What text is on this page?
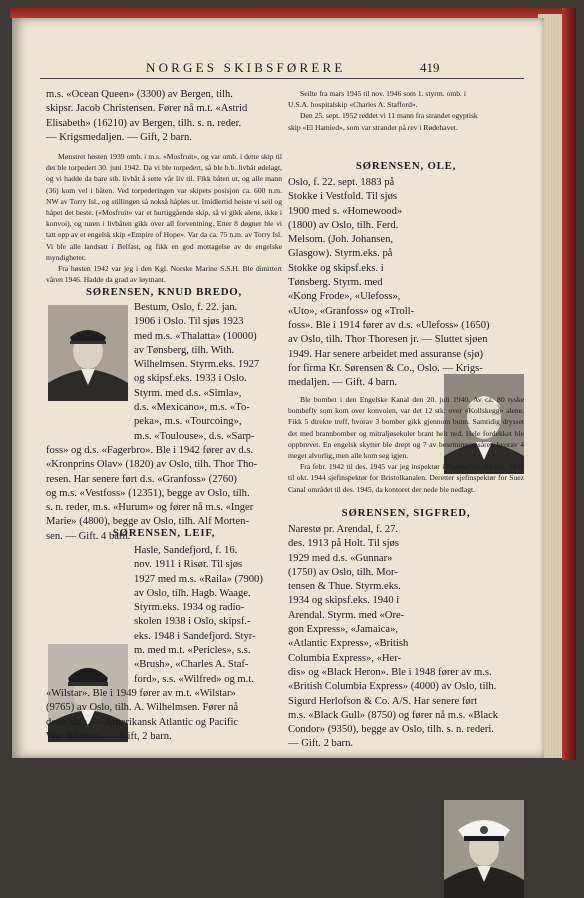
NORGES SKIBSFØRERE	419

m.s. «Ocean Queen» (3300) av Bergen, tilh.

skipsr. Jacob Christensen. Fører nå m.t. «Astrid

Elisabeth» (16210) av Bergen, tilh. s. n. reder.

— Krigsmedaljen. — Gift, 2 barn.

Mønstret høsten 1939 omb. i m.s. «Mosfruit», og var omb. i dette skip til det ble torpedert 30. juni 1942. Da vi ble torpedert, så ble b.b. livbåt ødelagt, og vi hadde da bare stb. livbåt å sette vår liv til. Fikk båten ut, og alle mann (36) kom vel i båten. Ved torpederingen var skipets posisjon ca. 600 n.m. NW av Torry Isl., og stillingen så nokså håpløs ut. Imidlertid heiste vi seil og håpet det beste. («Mosfruit» var et hurtiggående skip, så vi gikk alene, ikke i konvoi), og turen i livbåten gikk over all forventning. Etter 8 døgner ble vi tatt opp av et engelsk skip «Empire of Hope». Var da ca. 75 n.m. av Torry Isl. Vi ble alle landsatt i Belfast, og fikk en god mottagelse av de engelske myndigheter.

Fra høsten 1942 var jeg i den Kgl. Norske Marine S.S.H. Ble dimittert våren 1946. Hadde da grad av løytnant.

SØRENSEN, KNUD BREDO,

Bestum, Oslo, f. 22. jan.

1906 i Oslo. Til sjøs 1923

med m.s. «Thalatta» (10000)

av Tønsberg, tilh. With.

Wilhelmsen. Styrm.eks. 1927

og skipsf.eks. 1933 i Oslo.

Styrm. med d.s. «Simla»,

d.s. «Mexicano», m.s. «To-

peka», m.s. «Tourcoing»,

m.s. «Toulouse», d.s. «Sarp-

foss» og d.s. «Fagerbro». Ble i 1942 fører av d.s.

«Kronprins Olav» (1820) av Oslo, tilh. Thor Tho-

resen. Har senere ført d.s. «Granfoss» (2760)

og m.s. «Vestfoss» (12351), begge av Oslo, tilh.

s. n. reder, m.s. «Hurum» og fører nå m.s. «Inger

Marie» (4800), begge av Oslo, tilh. Alf Morten-

sen. — Gift. 4 barn.

SØRENSEN, LEIF,

Hasle, Sandefjord, f. 16.

nov. 1911 i Risør. Til sjøs

1927 med m.s. «Raila» (7900)

av Oslo, tilh. Hagb. Waage.

Styrm.eks. 1934 og radio-

skolen 1938 i Oslo, skipsf.-

eks. 1948 i Sandefjord. Styr-

m. med m.t. «Pericles», s.s.

«Brush», «Charles A. Staf-

ford», s.s. «Wilfred» og m.t.

«Wilstar». Ble i 1949 fører av m.t. «Wilstar»

(9765) av Oslo, tilh. A. Wilhelmsen. Fører nå

dette skip. — Amerikansk Atlantic og Pacific

War Ribbons. — Gift, 2 barn.

Seilte fra mars 1945 til nov. 1946 som 1. styrm. omb. i

U.S.A. hospitalskip «Charles A. Stafford».

Den 25. sept. 1952 reddet vi 11 mann fra strandet egyptisk

skip «El Hamied», som var strandet på rev i Rødehavet.

SØRENSEN, OLE,

Oslo, f. 22. sept. 1883 på

Stokke i Vestfold. Til sjøs

1900 med s. «Homewood»

(1800) av Oslo, tilh. Ferd.

Melsom. (Joh. Johansen,

Glasgow). Styrm.eks. på

Stokke og skipsf.eks. i

Tønsberg. Styrm. med

«Kong Frode», «Ulefoss»,

«Uto», «Granfoss» og «Troll-

foss». Ble i 1914 fører av d.s. «Ulefoss» (1650)

av Oslo, tilh. Thor Thoresen jr. — Sluttet sjøen

1949. Har senere arbeidet med assuranse (sjø)

for firma Kr. Sørensen & Co., Oslo. — Krigs-

medaljen. — Gift. 4 barn.

Ble bombet i den Engelske Kanal den 20. juli 1940. Av ca. 80 tyske bombefly som kom over konvoien, var det 12 stk. over «Kollskegg» alene. Fikk 5 direkte treff, hvorav 3 bomber gikk gjennom bunn. Samtidig drysset det med brannbomber og mitraljøsekuler brant helt ned. Hele fordekket ble oppbrevet. En engelsk skytter ble drept og 7 av besetningen såret, hvorav 4 meget alvorlig, men alle kom seg igjen.

Fra febr. 1942 til des. 1945 var jeg inspektør i Nortraship, fra okt. 1942 til okt. 1944 sjefinspektør for Bristolkanalen. Deretter sjefinspektør for Suez Canal området til des. 1945, da kontoret der nede ble nedlagt.

SØRENSEN, SIGFRED,

Narestø pr. Arendal, f. 27.

des. 1913 på Holt. Til sjøs

1929 med d.s. «Gunnar»

(1750) av Oslo, tilh. Mor-

tensen & Thue. Styrm.eks.

1934 og skipsf.eks. 1940 i

Arendal. Styrm. med «Ore-

gon Express», «Jamaica»,

«Atlantic Express», «British

Columbia Express», «Her-

dis» og «Black Heron». Ble i 1948 fører av m.s.

«British Columbia Express» (4000) av Oslo, tilh.

Sigurd Herlofson & Co. A/S. Har senere ført

m.s. «Black Gull» (8750) og fører nå m.s. «Black

Condor» (9350), begge av Oslo, tilh. s. n. rederi.

— Gift. 2 barn.
